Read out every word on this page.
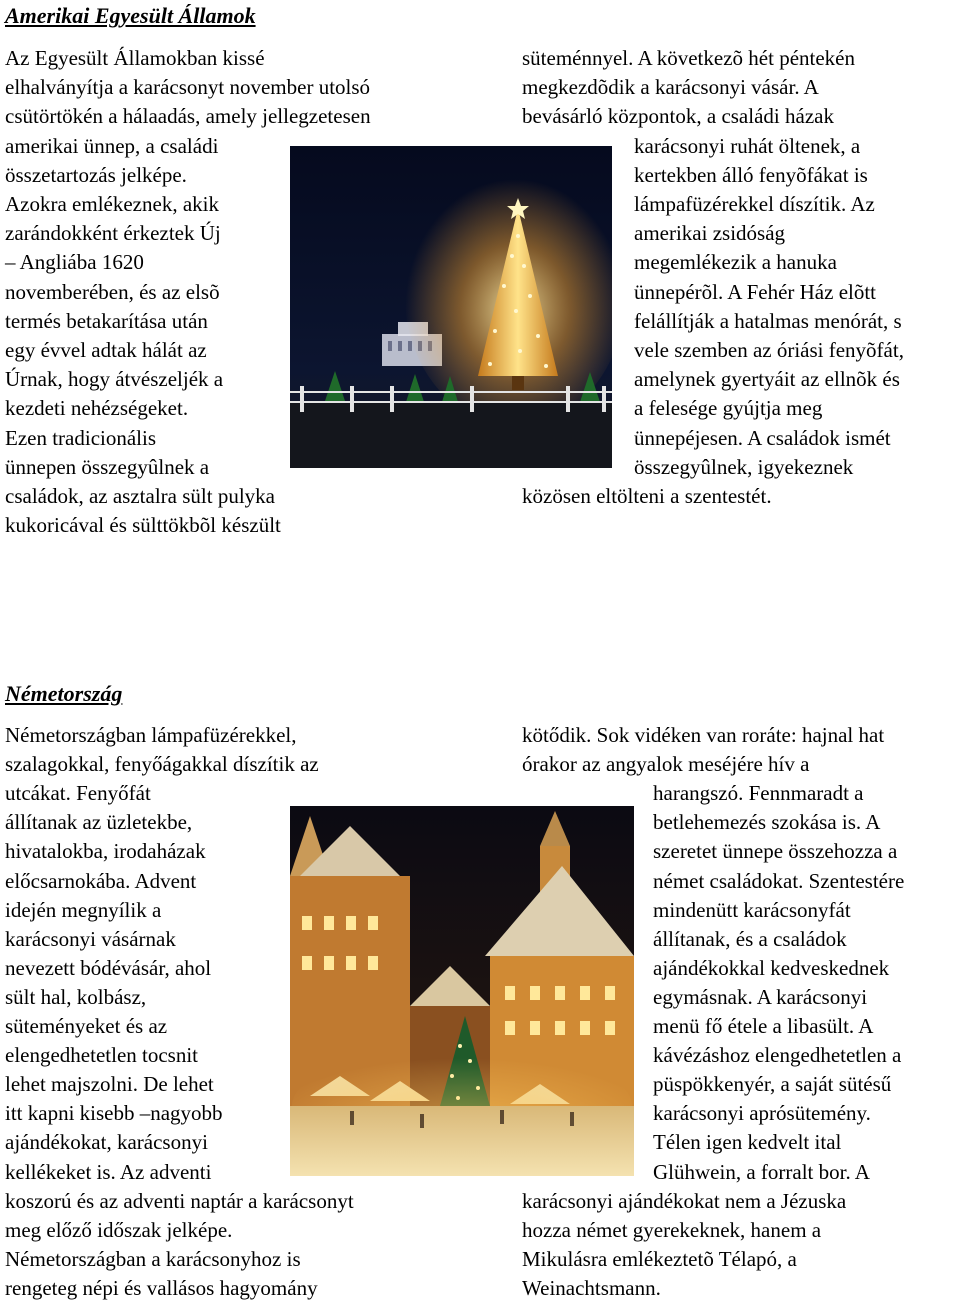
Amerikai Egyesült Államok
Az Egyesült Államokban kissé
elhalványítja a karácsonyt november utolsó
csütörtökén a hálaadás, amely jellegzetesen
amerikai ünnep, a családi
összetartozás jelképe.
Azokra emlékeznek, akik
zarándokként érkeztek Új
– Angliába 1620
novemberében, és az elsõ
termés betakarítása után
egy évvel adtak hálát az
Úrnak, hogy átvészeljék a
kezdeti nehézségeket.
Ezen tradicionális
ünnepen összegyûlnek a
családok, az asztalra sült pulyka
kukoricával és sülttökbõl készült
süteménnyel. A következõ hét péntekén
megkezdõdik a karácsonyi vásár. A
bevásárló központok, a családi házak
karácsonyi ruhát öltenek, a
kertekben álló fenyõfákat is
lámpafüzérekkel díszítik. Az
amerikai zsidóság
megemlékezik a hanuka
ünnepérõl. A Fehér Ház elõtt
felállítják a hatalmas menórát, s
vele szemben az óriási fenyõfát,
amelynek gyertyáit az ellnõk és
a felesége gyújtja meg
ünnepéjesen. A családok ismét
összegyûlnek, igyekeznek
közösen eltölteni a szentestét.
Németország
Németországban lámpafüzérekkel,
szalagokkal, fenyőágakkal díszítik az
utcákat. Fenyőfát
állítanak az üzletekbe,
hivatalokba, irodaházak
előcsarnokába. Advent
idején megnyílik a
karácsonyi vásárnak
nevezett bódévásár, ahol
sült hal, kolbász,
süteményeket és az
elengedhetetlen tocsnit
lehet majszolni. De lehet
itt kapni kisebb –nagyobb
ajándékokat, karácsonyi
kellékeket is. Az adventi
koszorú és az adventi naptár a karácsonyt
meg előző időszak jelképe.
Németországban a karácsonyhoz is
rengeteg népi és vallásos hagyomány
kötődik. Sok vidéken van roráte: hajnal hat
órakor az angyalok meséjére hív a
harangszó. Fennmaradt a
betlehemezés szokása is. A
szeretet ünnepe összehozza a
német családokat. Szentestére
mindenütt karácsonyfát
állítanak, és a családok
ajándékokkal kedveskednek
egymásnak. A karácsonyi
menü fő étele a libasült. A
kávézáshoz elengedhetetlen a
püspökkenyér, a saját sütésű
karácsonyi aprósütemény.
Télen igen kedvelt ital
Glühwein, a forralt bor. A
karácsonyi ajándékokat nem a Jézuska
hozza német gyerekeknek, hanem a
Mikulásra emlékeztetõ Télapó, a
Weinachtsmann.
